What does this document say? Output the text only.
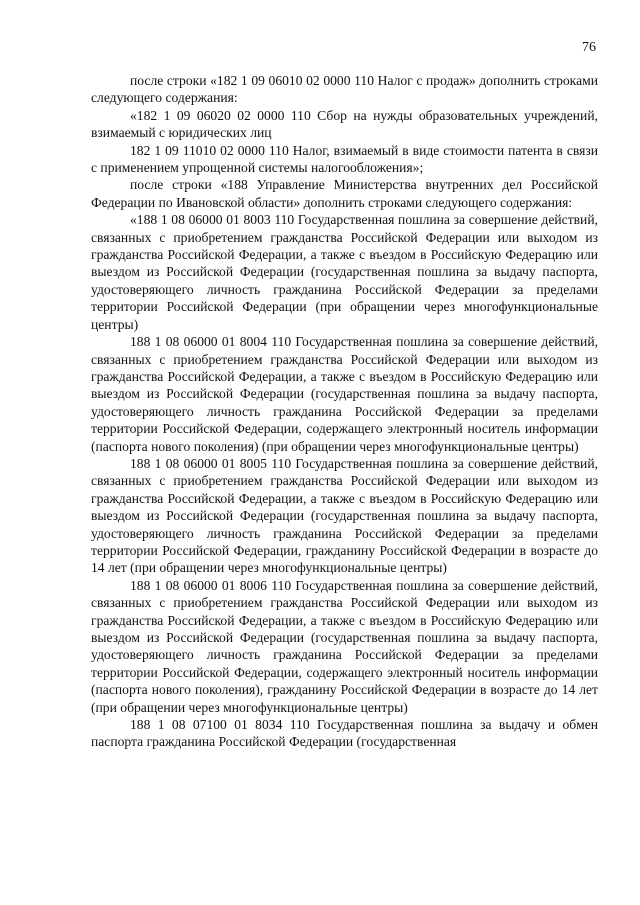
76

после строки «182 1 09 06010 02 0000 110 Налог с продаж» дополнить строками следующего содержания:

«182 1 09 06020 02 0000 110 Сбор на нужды образовательных учреждений, взимаемый с юридических лиц

182 1 09 11010 02 0000 110 Налог, взимаемый в виде стоимости патента в связи с применением упрощенной системы налогообложения»;

после строки «188 Управление Министерства внутренних дел Российской Федерации по Ивановской области» дополнить строками следующего содержания:

«188 1 08 06000 01 8003 110 Государственная пошлина за совершение действий, связанных с приобретением гражданства Российской Федерации или выходом из гражданства Российской Федерации, а также с въездом в Российскую Федерацию или выездом из Российской Федерации (государственная пошлина за выдачу паспорта, удостоверяющего личность гражданина Российской Федерации за пределами территории Российской Федерации (при обращении через многофункциональные центры)

188 1 08 06000 01 8004 110 Государственная пошлина за совершение действий, связанных с приобретением гражданства Российской Федерации или выходом из гражданства Российской Федерации, а также с въездом в Российскую Федерацию или выездом из Российской Федерации (государственная пошлина за выдачу паспорта, удостоверяющего личность гражданина Российской Федерации за пределами территории Российской Федерации, содержащего электронный носитель информации (паспорта нового поколения) (при обращении через многофункциональные центры)

188 1 08 06000 01 8005 110 Государственная пошлина за совершение действий, связанных с приобретением гражданства Российской Федерации или выходом из гражданства Российской Федерации, а также с въездом в Российскую Федерацию или выездом из Российской Федерации (государственная пошлина за выдачу паспорта, удостоверяющего личность гражданина Российской Федерации за пределами территории Российской Федерации, гражданину Российской Федерации в возрасте до 14 лет (при обращении через многофункциональные центры)

188 1 08 06000 01 8006 110 Государственная пошлина за совершение действий, связанных с приобретением гражданства Российской Федерации или выходом из гражданства Российской Федерации, а также с въездом в Российскую Федерацию или выездом из Российской Федерации (государственная пошлина за выдачу паспорта, удостоверяющего личность гражданина Российской Федерации за пределами территории Российской Федерации, содержащего электронный носитель информации (паспорта нового поколения), гражданину Российской Федерации в возрасте до 14 лет (при обращении через многофункциональные центры)

188 1 08 07100 01 8034 110 Государственная пошлина за выдачу и обмен паспорта гражданина Российской Федерации (государственная
